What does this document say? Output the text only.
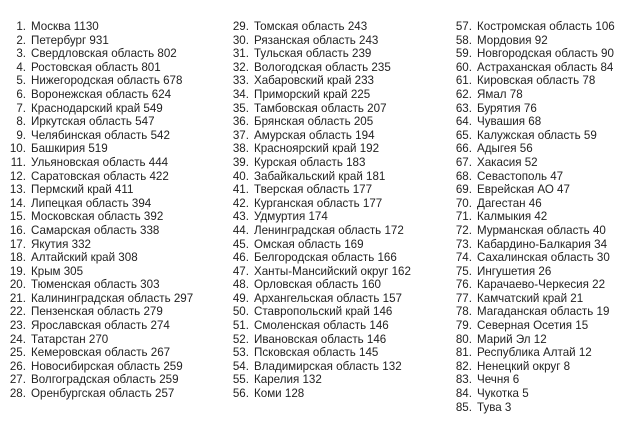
1 . Москва 1130
2 . Петербург 931
3 . Свердловская область 802
4 . Ростовская область 801
5 . Нижегородская область 678
6 . Воронежская область 624
7 . Краснодарский край 549
8 . Иркутская область 547
9 . Челябинская область 542
10 . Башкирия 519
11 . Ульяновская область 444
12 . Саратовская область 422
13 . Пермский край 411
14 . Липецкая область 394
15 . Московская область 392
16 . Самарская область 338
17 . Якутия 332
18 . Алтайский край 308
19 . Крым 305
20 . Тюменская область 303
21 . Калининградская область 297
22 . Пензенская область 279
23 . Ярославская область 274
24 . Татарстан 270
25 . Кемеровская область 267
26 . Новосибирская область 259
27 . Волгоградская область 259
28 . Оренбургская область 257
29 . Томская область 243
30 . Рязанская область 243
31 . Тульская область 239
32 . Вологодская область 235
33 . Хабаровский край 233
34 . Приморский край 225
35 . Тамбовская область 207
36 . Брянская область 205
37 . Амурская область 194
38 . Красноярский край 192
39 . Курская область 183
40 . Забайкальский край 181
41 . Тверская область 177
42 . Курганская область 177
43 . Удмуртия 174
44 . Ленинградская область 172
45 . Омская область 169
46 . Белгородская область 166
47 . Ханты-Мансийский округ 162
48 . Орловская область 160
49 . Архангельская область 157
50 . Ставропольский край 146
51 . Смоленская область 146
52 . Ивановская область 146
53 . Псковская область 145
54 . Владимирская область 132
55 . Карелия 132
56 . Коми 128
57 . Костромская область 106
58 . Мордовия 92
59 . Новгородская область 90
60 . Астраханская область 84
61 . Кировская область 78
62 . Ямал 78
63 . Бурятия 76
64 . Чувашия 68
65 . Калужская область 59
66 . Адыгея 56
67 . Хакасия 52
68 . Севастополь 47
69 . Еврейская АО 47
70 . Дагестан 46
71 . Калмыкия 42
72 . Мурманская область 40
73 . Кабардино-Балкария 34
74 . Сахалинская область 30
75 . Ингушетия 26
76 . Карачаево-Черкесия 22
77 . Камчатский край 21
78 . Магаданская область 19
79 . Северная Осетия 15
80 . Марий Эл 12
81 . Республика Алтай 12
82 . Ненецкий округ 8
83 . Чечня 6
84 . Чукотка 5
85 . Тува 3
